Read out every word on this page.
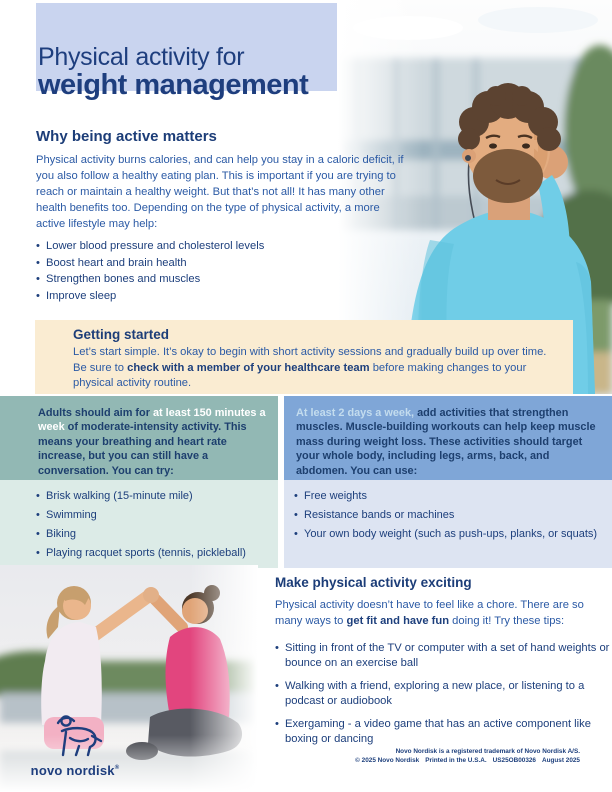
Physical activity for
weight management
Why being active matters
Physical activity burns calories, and can help you stay in a caloric deficit, if you also follow a healthy eating plan. This is important if you are trying to reach or maintain a healthy weight. But that’s not all! It has many other health benefits too. Depending on the type of physical activity, a more active lifestyle may help:
• Lower blood pressure and cholesterol levels
• Boost heart and brain health
• Strengthen bones and muscles
• Improve sleep
Getting started

Let’s start simple. It’s okay to begin with short activity sessions and gradually build up over time. Be sure to check with a member of your healthcare team before making changes to your physical activity routine.

Adults should aim for at least 150 minutes a week of moderate-intensity activity. This means your breathing and heart rate increase, but you can still have a conversation. You can try:

• Brisk walking (15-minute mile)
• Swimming
• Biking
• Playing racquet sports (tennis, pickleball)

At least 2 days a week, add activities that strengthen muscles. Muscle-building workouts can help keep muscle mass during weight loss. These activities should target your whole body, including legs, arms, back, and abdomen. You can use:

• Free weights
• Resistance bands or machines
• Your own body weight (such as push-ups, planks, or squats)
Make physical activity exciting
Physical activity doesn’t have to feel like a chore. There are so many ways to get fit and have fun doing it! Try these tips:
• Sitting in front of the TV or computer with a set of hand weights or bounce on an exercise ball
• Walking with a friend, exploring a new place, or listening to a podcast or audiobook
• Exergaming - a video game that has an active component like boxing or dancing
novo nordisk®
Novo Nordisk is a registered trademark of Novo Nordisk A/S.
© 2025 Novo Nordisk Printed in the U.S.A. US25OB00326 August 2025
